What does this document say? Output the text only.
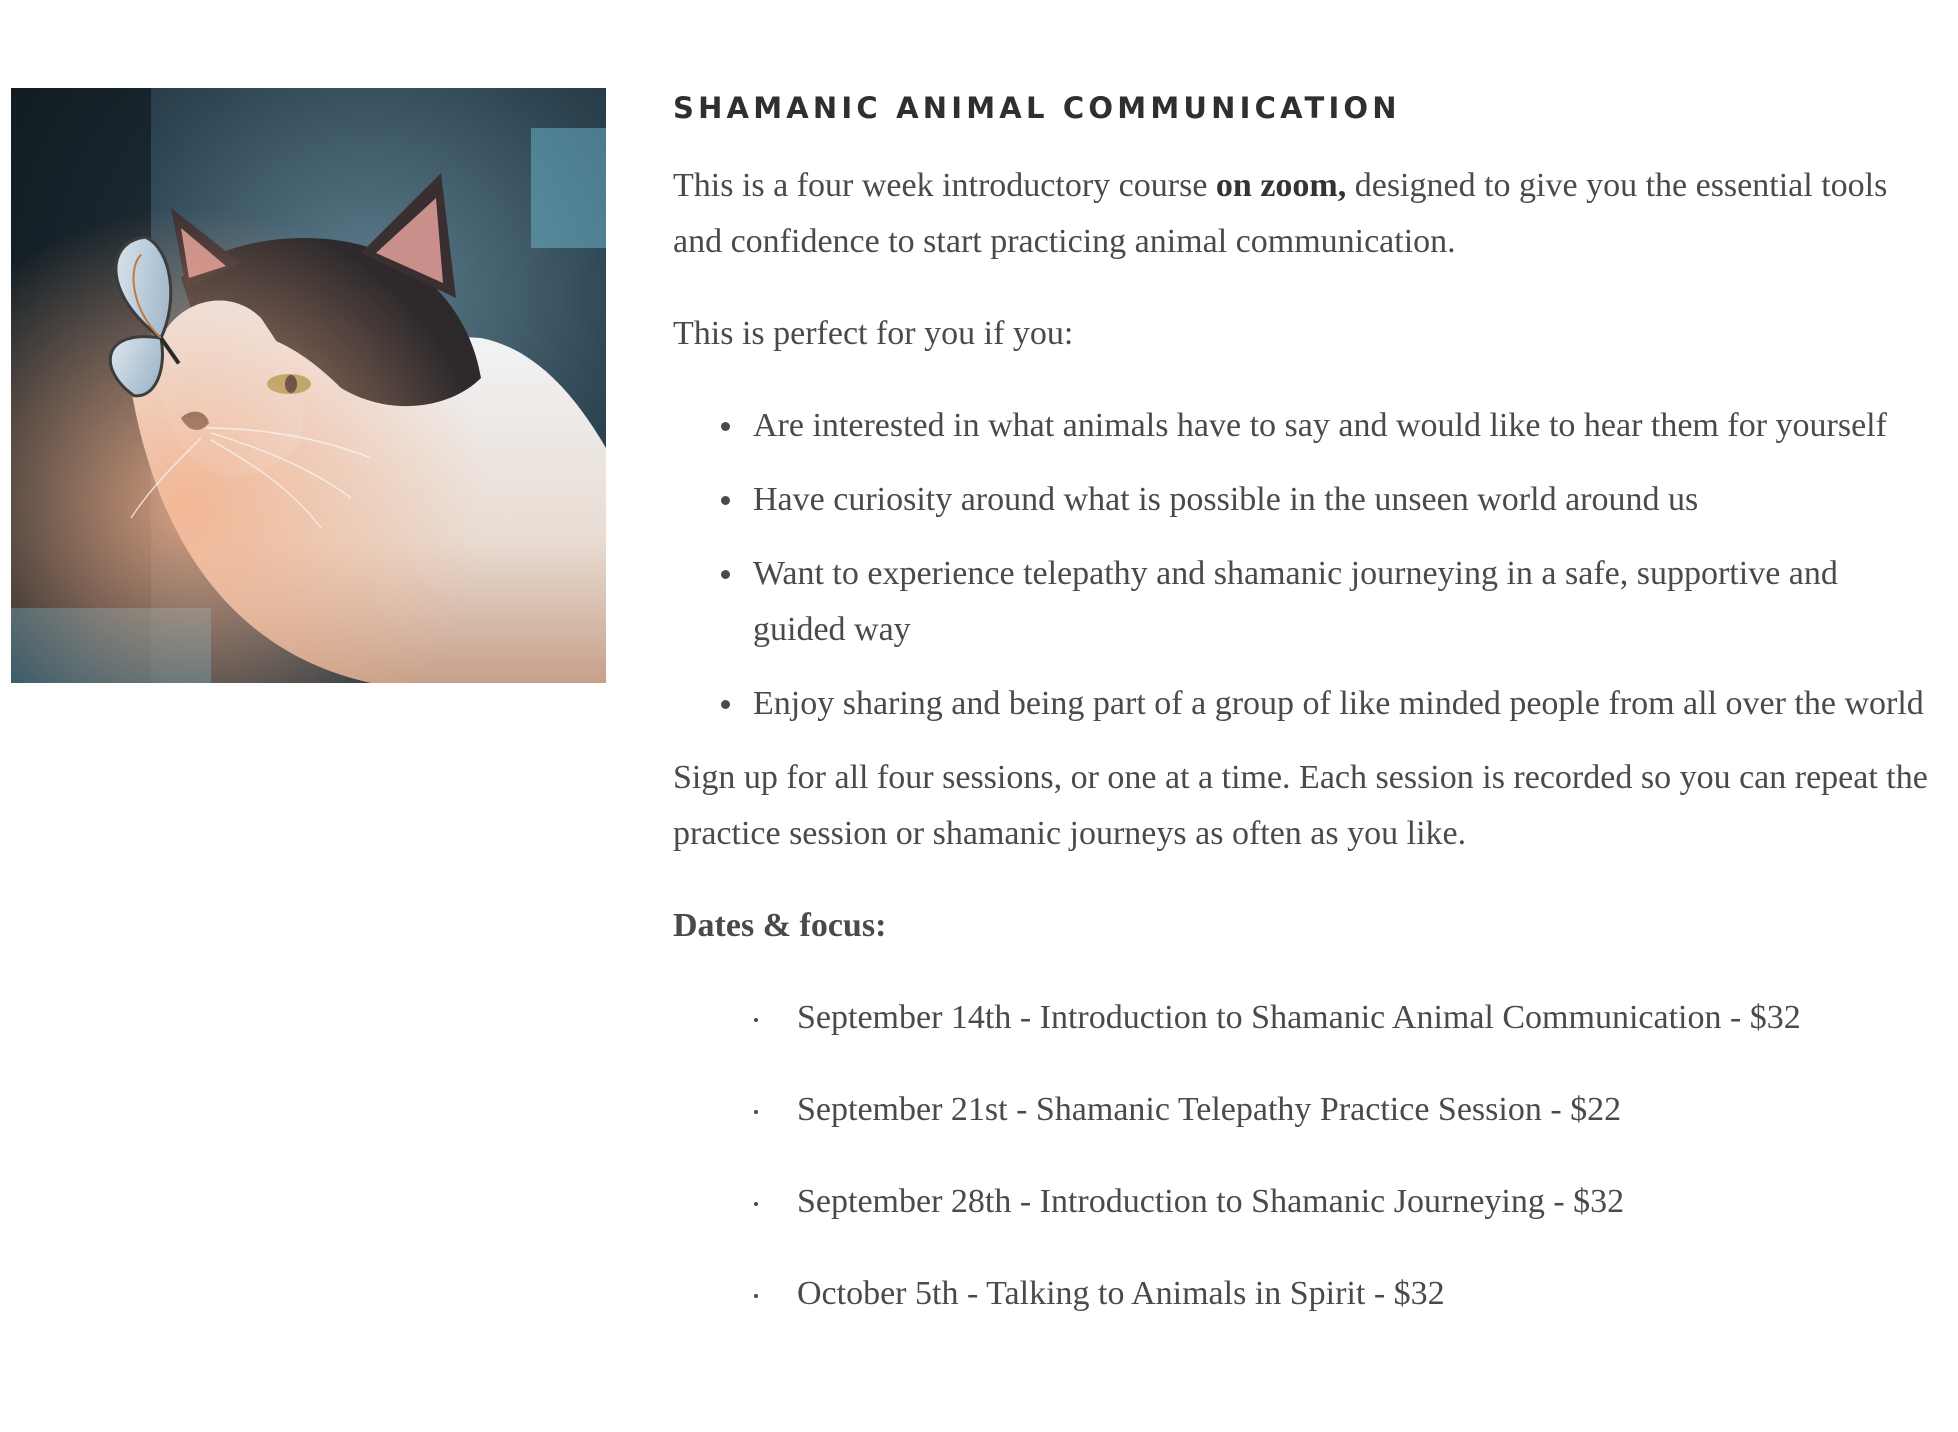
SHAMANIC ANIMAL COMMUNICATION

This is a four week introductory course on zoom, designed to give you the essential tools and confidence to start practicing animal communication.

This is perfect for you if you:

Are interested in what animals have to say and would like to hear them for yourself
Have curiosity around what is possible in the unseen world around us
Want to experience telepathy and shamanic journeying in a safe, supportive and guided way
Enjoy sharing and being part of a group of like minded people from all over the world

Sign up for all four sessions, or one at a time. Each session is recorded so you can repeat the practice session or shamanic journeys as often as you like.

Dates & focus:

September 14th - Introduction to Shamanic Animal Communication - $32
September 21st - Shamanic Telepathy Practice Session - $22
September 28th - Introduction to Shamanic Journeying - $32
October 5th - Talking to Animals in Spirit - $32
